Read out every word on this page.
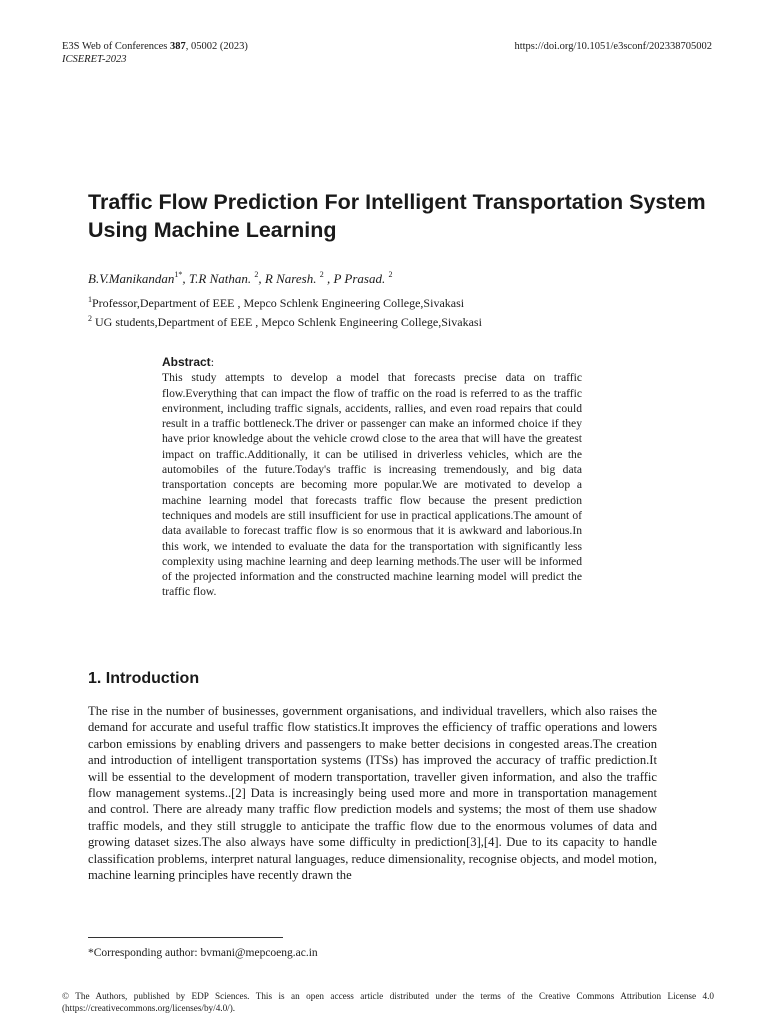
E3S Web of Conferences 387, 05002 (2023)
ICSERET-2023
https://doi.org/10.1051/e3sconf/202338705002
Traffic Flow Prediction For Intelligent Transportation System Using Machine Learning
B.V.Manikandan$^{1*}$, T.R Nathan. $^2$, R Naresh. $^2$ , P Prasad. $^2$
$^1$Professor,Department of EEE , Mepco Schlenk Engineering College,Sivakasi
$^2$ UG students,Department of EEE , Mepco Schlenk Engineering College,Sivakasi
Abstract:
This study attempts to develop a model that forecasts precise data on traffic flow.Everything that can impact the flow of traffic on the road is referred to as the traffic environment, including traffic signals, accidents, rallies, and even road repairs that could result in a traffic bottleneck.The driver or passenger can make an informed choice if they have prior knowledge about the vehicle crowd close to the area that will have the greatest impact on traffic.Additionally, it can be utilised in driverless vehicles, which are the automobiles of the future.Today's traffic is increasing tremendously, and big data transportation concepts are becoming more popular.We are motivated to develop a machine learning model that forecasts traffic flow because the present prediction techniques and models are still insufficient for use in practical applications.The amount of data available to forecast traffic flow is so enormous that it is awkward and laborious.In this work, we intended to evaluate the data for the transportation with significantly less complexity using machine learning and deep learning methods.The user will be informed of the projected information and the constructed machine learning model will predict the traffic flow.
1. Introduction
The rise in the number of businesses, government organisations, and individual travellers, which also raises the demand for accurate and useful traffic flow statistics.It improves the efficiency of traffic operations and lowers carbon emissions by enabling drivers and passengers to make better decisions in congested areas.The creation and introduction of intelligent transportation systems (ITSs) has improved the accuracy of traffic prediction.It will be essential to the development of modern transportation, traveller given information, and also the traffic flow management systems..[2] Data is increasingly being used more and more in transportation management and control. There are already many traffic flow prediction models and systems; the most of them use shadow traffic models, and they still struggle to anticipate the traffic flow due to the enormous volumes of data and growing dataset sizes.The also always have some difficulty in prediction[3],[4]. Due to its capacity to handle classification problems, interpret natural languages, reduce dimensionality, recognise objects, and model motion, machine learning principles have recently drawn the
*Corresponding author: bvmani@mepcoeng.ac.in
© The Authors, published by EDP Sciences. This is an open access article distributed under the terms of the Creative Commons Attribution License 4.0 (https://creativecommons.org/licenses/by/4.0/).
